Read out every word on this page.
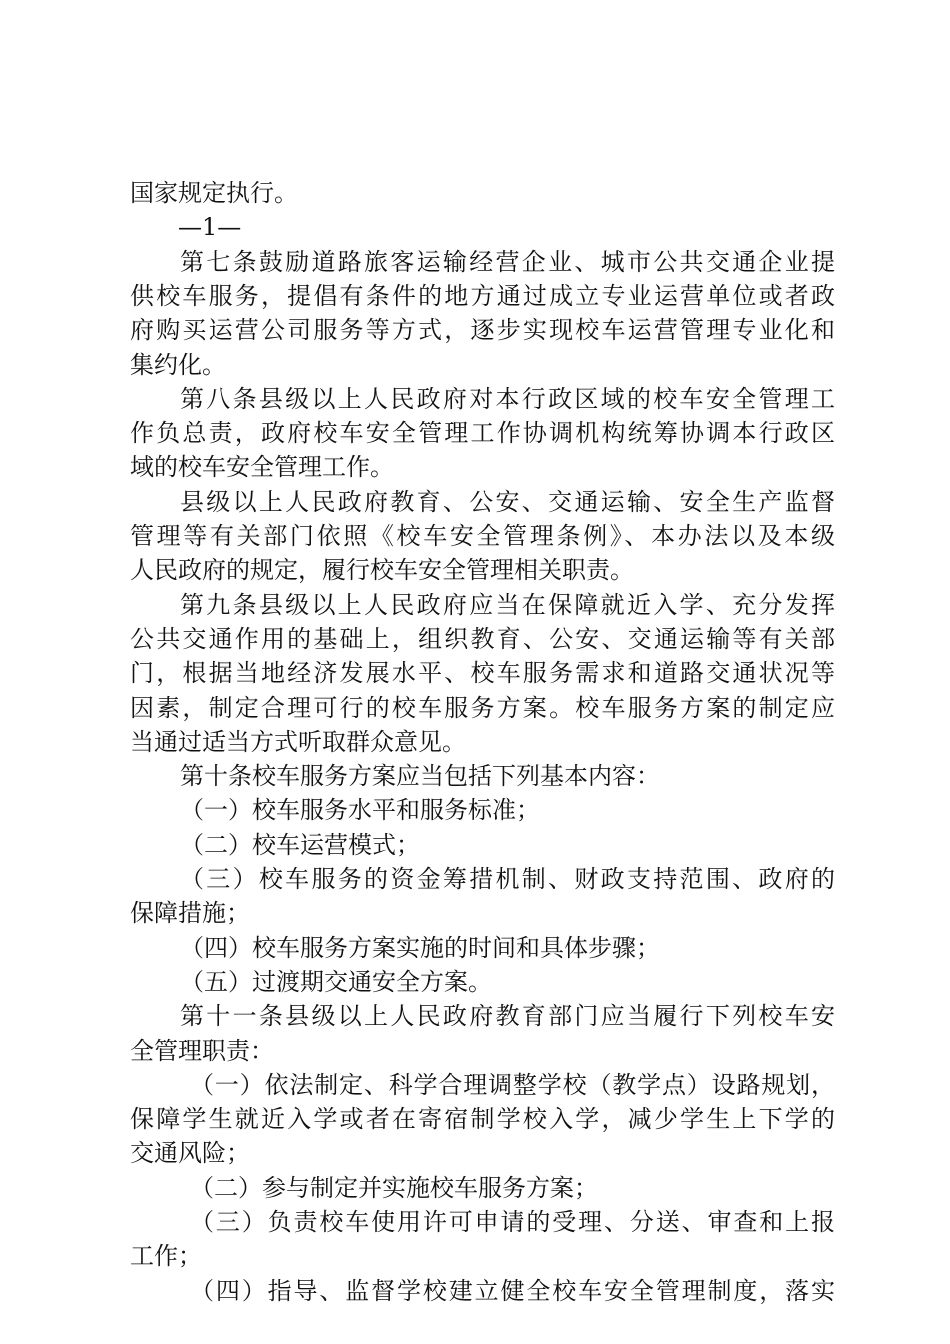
国家规定执行。
—1—
第七条鼓励道路旅客运输经营企业、城市公共交通企业提
供校车服务，提倡有条件的地方通过成立专业运营单位或者政
府购买运营公司服务等方式，逐步实现校车运营管理专业化和
集约化。
第八条县级以上人民政府对本行政区域的校车安全管理工
作负总责，政府校车安全管理工作协调机构统筹协调本行政区
域的校车安全管理工作。
县级以上人民政府教育、公安、交通运输、安全生产监督
管理等有关部门依照《校车安全管理条例》、本办法以及本级
人民政府的规定，履行校车安全管理相关职责。
第九条县级以上人民政府应当在保障就近入学、充分发挥
公共交通作用的基础上，组织教育、公安、交通运输等有关部
门，根据当地经济发展水平、校车服务需求和道路交通状况等
因素，制定合理可行的校车服务方案。校车服务方案的制定应
当通过适当方式听取群众意见。
第十条校车服务方案应当包括下列基本内容：
（一）校车服务水平和服务标准；
（二）校车运营模式；
（三）校车服务的资金筹措机制、财政支持范围、政府的
保障措施；
（四）校车服务方案实施的时间和具体步骤；
（五）过渡期交通安全方案。
第十一条县级以上人民政府教育部门应当履行下列校车安
全管理职责：
（一）依法制定、科学合理调整学校（教学点）设路规划，
保障学生就近入学或者在寄宿制学校入学，减少学生上下学的
交通风险；
（二）参与制定并实施校车服务方案；
（三）负责校车使用许可申请的受理、分送、审查和上报
工作；
（四）指导、监督学校建立健全校车安全管理制度，落实
